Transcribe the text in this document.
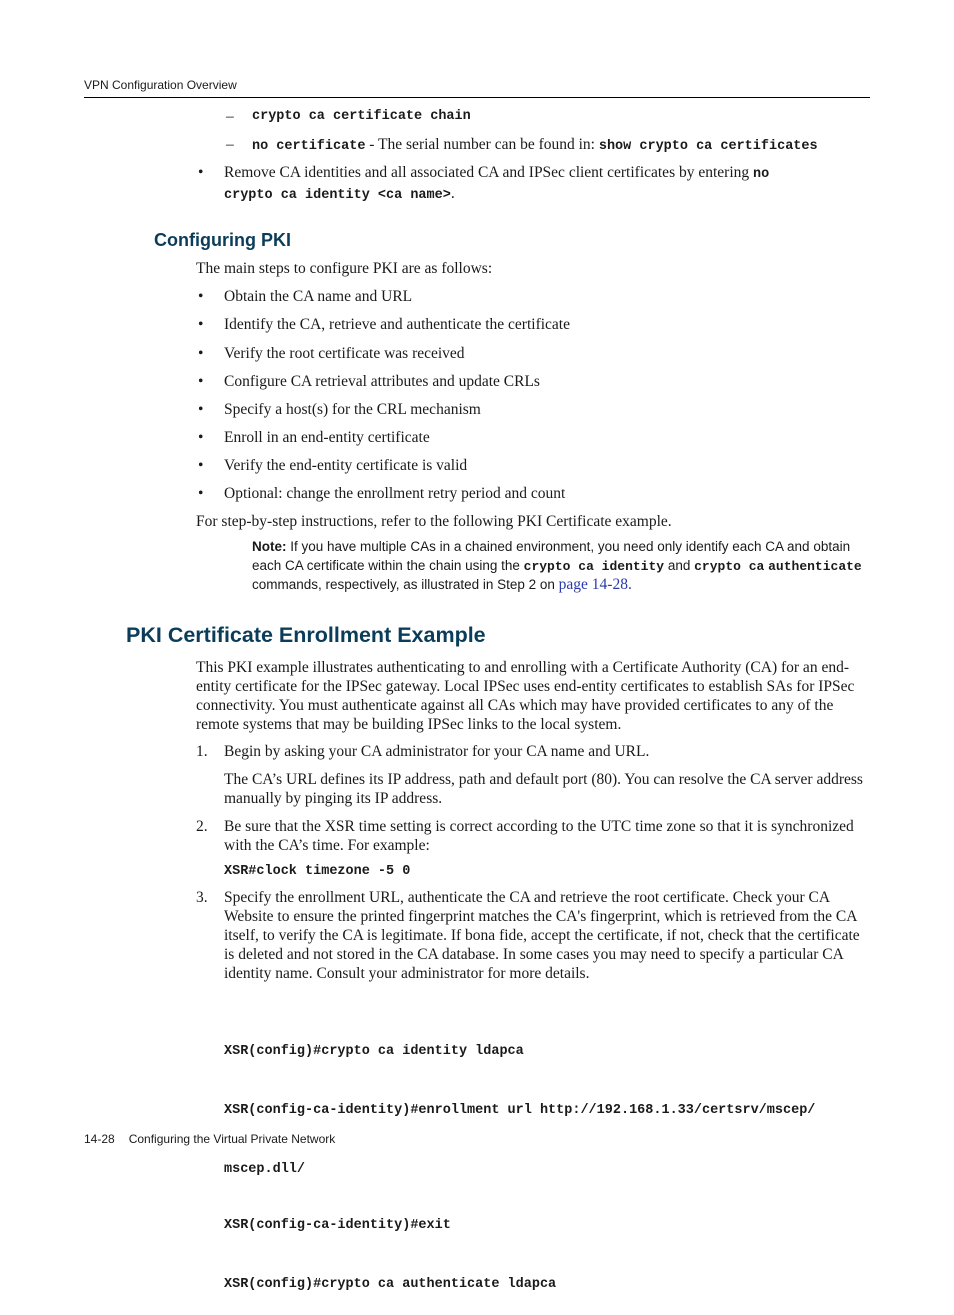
VPN Configuration Overview
– crypto ca certificate chain
– no certificate - The serial number can be found in: show crypto ca certificates
• Remove CA identities and all associated CA and IPSec client certificates by entering no
crypto ca identity <ca name>.
Configuring PKI
The main steps to configure PKI are as follows:
• Obtain the CA name and URL
• Identify the CA, retrieve and authenticate the certificate
• Verify the root certificate was received
• Configure CA retrieval attributes and update CRLs
• Specify a host(s) for the CRL mechanism
• Enroll in an end-entity certificate
• Verify the end-entity certificate is valid
• Optional: change the enrollment retry period and count
For step-by-step instructions, refer to the following PKI Certificate example.
Note: If you have multiple CAs in a chained environment, you need only identify each CA and obtain each CA certificate within the chain using the crypto ca identity and crypto ca authenticate commands, respectively, as illustrated in Step 2 on page 14-28.
PKI Certificate Enrollment Example
This PKI example illustrates authenticating to and enrolling with a Certificate Authority (CA) for an end-entity certificate for the IPSec gateway. Local IPSec uses end-entity certificates to establish SAs for IPSec connectivity. You must authenticate against all CAs which may have provided certificates to any of the remote systems that may be building IPSec links to the local system.
1.	Begin by asking your CA administrator for your CA name and URL.
The CA’s URL defines its IP address, path and default port (80). You can resolve the CA server address manually by pinging its IP address.
2.	Be sure that the XSR time setting is correct according to the UTC time zone so that it is synchronized with the CA’s time. For example:
XSR#clock timezone -5 0
3.	Specify the enrollment URL, authenticate the CA and retrieve the root certificate. Check your CA Website to ensure the printed fingerprint matches the CA's fingerprint, which is retrieved from the CA itself, to verify the CA is legitimate. If bona fide, accept the certificate, if not, check that the certificate is deleted and not stored in the CA database. In some cases you may need to specify a particular CA identity name. Consult your administrator for more details.

XSR(config)#crypto ca identity ldapca

XSR(config-ca-identity)#enrollment url http://192.168.1.33/certsrv/mscep/

mscep.dll/

XSR(config-ca-identity)#exit

XSR(config)#crypto ca authenticate ldapca

14-28 Configuring the Virtual Private Network
